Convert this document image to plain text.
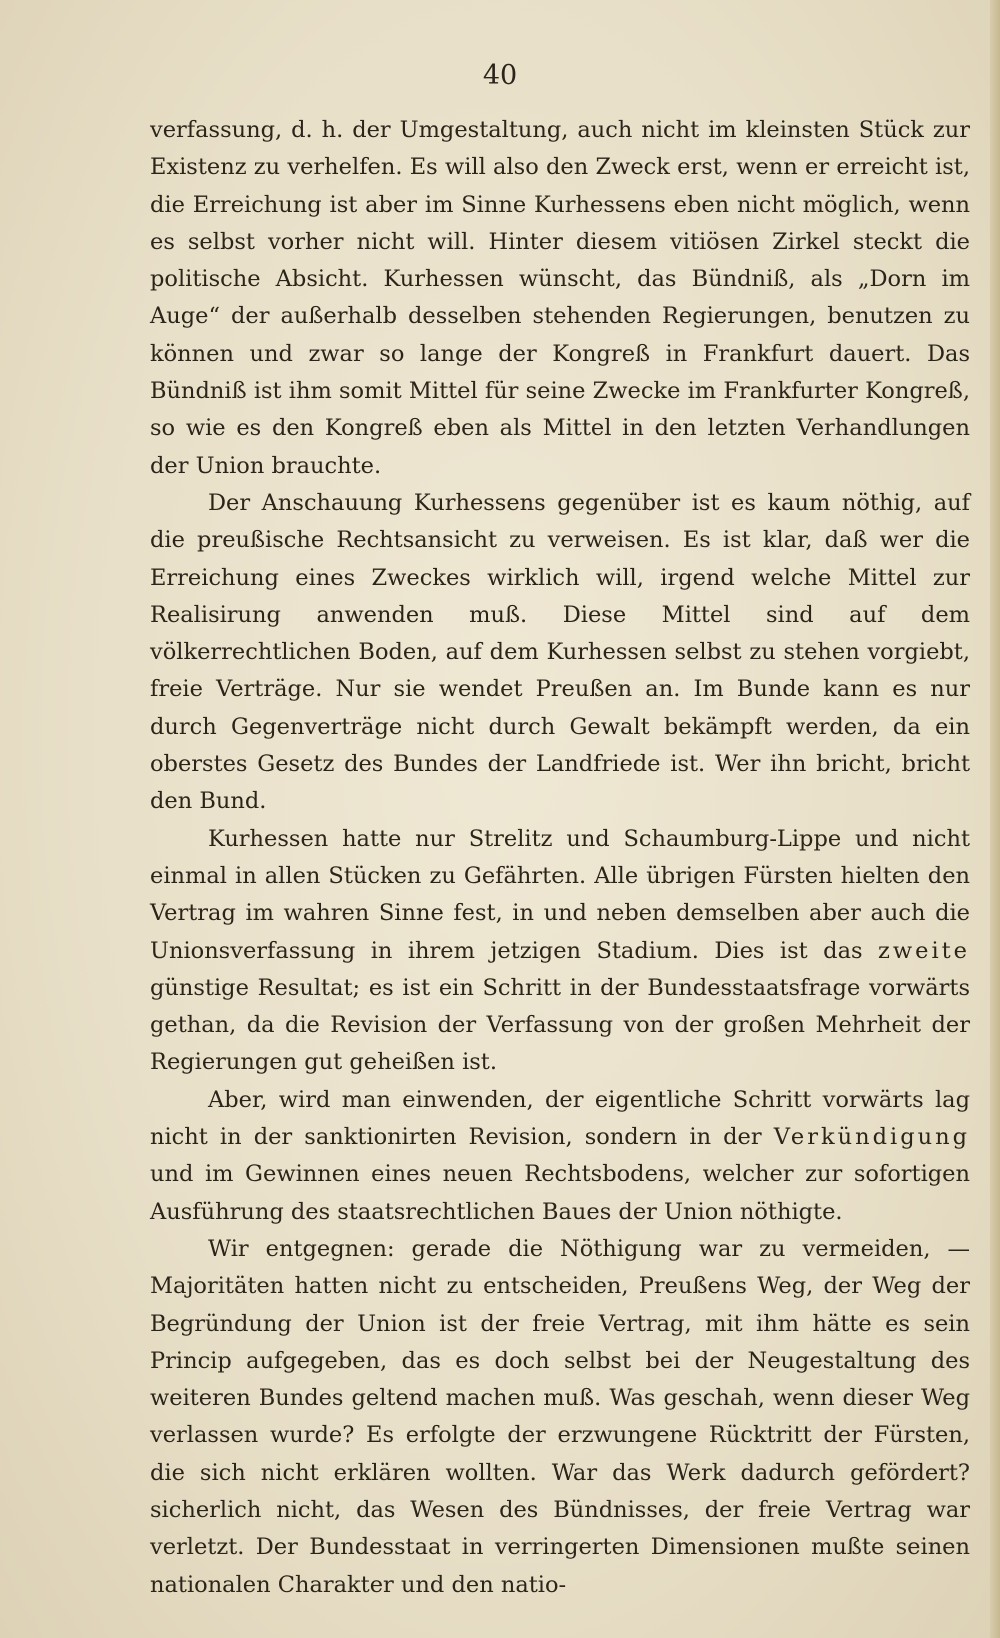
40

verfassung, d. h. der Umgestaltung, auch nicht im kleinsten Stück zur Existenz zu verhelfen. Es will also den Zweck erst, wenn er erreicht ist, die Erreichung ist aber im Sinne Kurhessens eben nicht möglich, wenn es selbst vorher nicht will. Hinter diesem vitiösen Zirkel steckt die politische Absicht. Kurhessen wünscht, das Bündniß, als „Dorn im Auge“ der außerhalb desselben stehenden Regierungen, benutzen zu können und zwar so lange der Kongreß in Frankfurt dauert. Das Bündniß ist ihm somit Mittel für seine Zwecke im Frankfurter Kongreß, so wie es den Kongreß eben als Mittel in den letzten Verhandlungen der Union brauchte.

Der Anschauung Kurhessens gegenüber ist es kaum nöthig, auf die preußische Rechtsansicht zu verweisen. Es ist klar, daß wer die Erreichung eines Zweckes wirklich will, irgend welche Mittel zur Realisirung anwenden muß. Diese Mittel sind auf dem völkerrechtlichen Boden, auf dem Kurhessen selbst zu stehen vorgiebt, freie Verträge. Nur sie wendet Preußen an. Im Bunde kann es nur durch Gegenverträge nicht durch Gewalt bekämpft werden, da ein oberstes Gesetz des Bundes der Landfriede ist. Wer ihn bricht, bricht den Bund.

Kurhessen hatte nur Strelitz und Schaumburg-Lippe und nicht einmal in allen Stücken zu Gefährten. Alle übrigen Fürsten hielten den Vertrag im wahren Sinne fest, in und neben demselben aber auch die Unionsverfassung in ihrem jetzigen Stadium. Dies ist das zweite günstige Resultat; es ist ein Schritt in der Bundesstaatsfrage vorwärts gethan, da die Revision der Verfassung von der großen Mehrheit der Regierungen gut geheißen ist.

Aber, wird man einwenden, der eigentliche Schritt vorwärts lag nicht in der sanktionirten Revision, sondern in der Verkündigung und im Gewinnen eines neuen Rechtsbodens, welcher zur sofortigen Ausführung des staatsrechtlichen Baues der Union nöthigte.

Wir entgegnen: gerade die Nöthigung war zu vermeiden, — Majoritäten hatten nicht zu entscheiden, Preußens Weg, der Weg der Begründung der Union ist der freie Vertrag, mit ihm hätte es sein Princip aufgegeben, das es doch selbst bei der Neugestaltung des weiteren Bundes geltend machen muß. Was geschah, wenn dieser Weg verlassen wurde? Es erfolgte der erzwungene Rücktritt der Fürsten, die sich nicht erklären wollten. War das Werk dadurch gefördert? sicherlich nicht, das Wesen des Bündnisses, der freie Vertrag war verletzt. Der Bundesstaat in verringerten Dimensionen mußte seinen nationalen Charakter und den natio-
